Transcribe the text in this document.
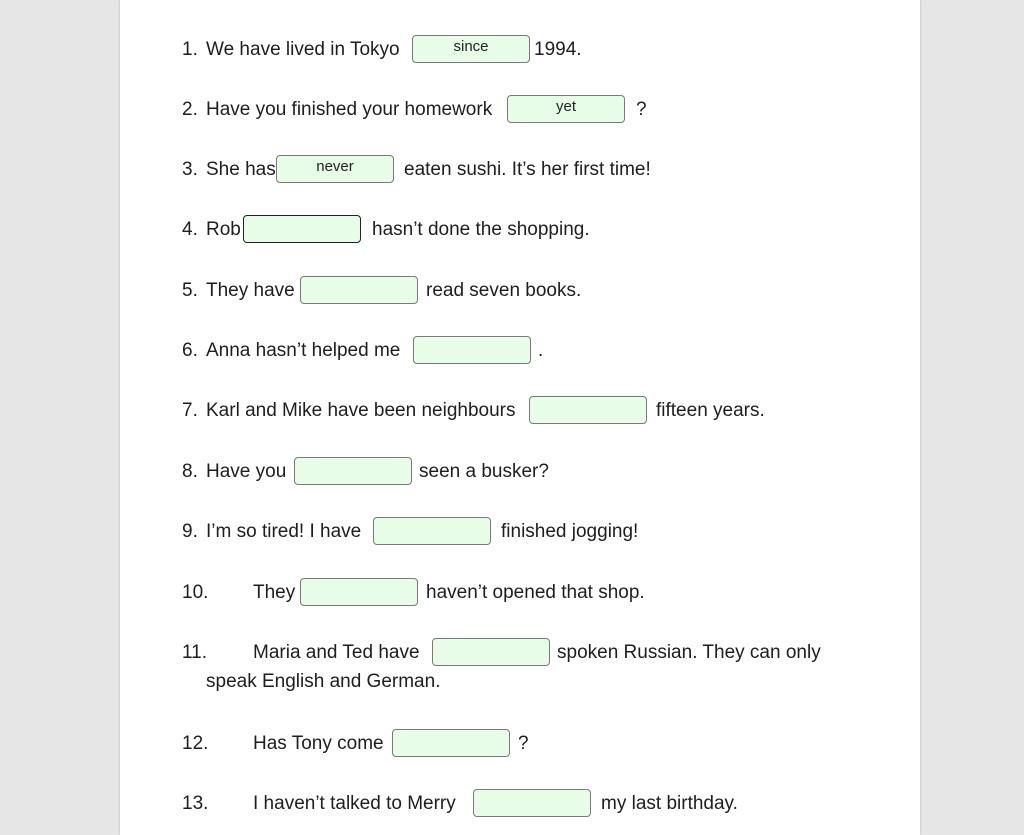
1. We have lived in Tokyo	since	1994.
2. Have you finished your homework	yet	?
3. She has	never	eaten sushi. It’s her first time!
4. Rob	hasn’t done the shopping.
5. They have	read seven books.
6. Anna hasn’t helped me	.
7. Karl and Mike have been neighbours	fifteen years.
8. Have you	seen a busker?
9. I’m so tired! I have	finished jogging!
10. They	haven’t opened that shop.
11. Maria and Ted have	spoken Russian. They can only
speak English and German.
12. Has Tony come	?
13. I haven’t talked to Merry	my last birthday.
